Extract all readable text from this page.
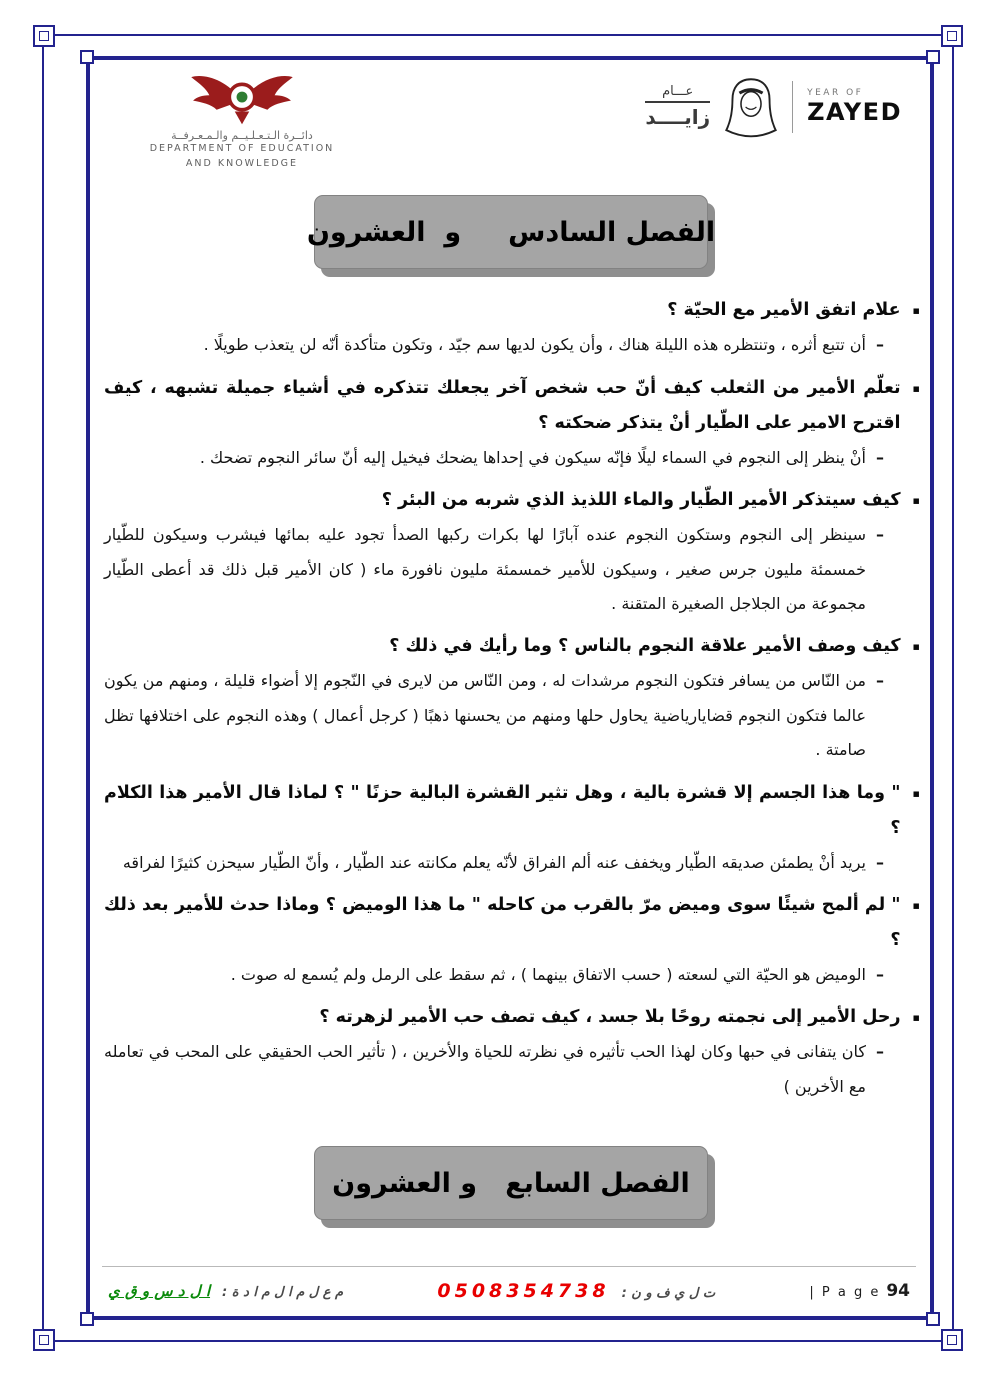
دائــرة الـتـعـلـيــم والـمـعـرفــة
DEPARTMENT OF EDUCATION
AND KNOWLEDGE
عـــام
زايــــد
YEAR OF
ZAYED
الفصل السادس     و  العشرون
▪
علام اتفق الأمير مع الحيّة ؟
–
أن تتبع أثره ، وتنتظره هذه الليلة هناك ، وأن يكون لديها سم جيّد ، وتكون متأكدة أنّه لن يتعذب طويلًا .
▪
تعلّم الأمير من الثعلب كيف أنّ حب شخص آخر يجعلك تتذكره في أشياء جميلة تشبهه ، كيف اقترح الامير على الطّيار أنْ يتذكر ضحكته ؟
–
أنْ ينظر إلى النجوم في السماء ليلًا فإنّه سيكون في إحداها يضحك فيخيل إليه أنّ سائر النجوم تضحك .
▪
كيف سيتذكر الأمير الطّيار والماء اللذيذ الذي شربه من البئر ؟
–
سينظر إلى النجوم وستكون النجوم عنده آبارًا لها بكرات ركبها الصدأ تجود عليه بمائها فيشرب وسيكون للطّيار خمسمئة مليون جرس صغير ، وسيكون للأمير خمسمئة مليون نافورة ماء ( كان الأمير قبل ذلك قد أعطى الطّيار مجموعة من الجلاجل الصغيرة المتقنة .
▪
كيف وصف الأمير علاقة النجوم بالناس ؟ وما رأيك في ذلك ؟
–
من النّاس من يسافر فتكون النجوم مرشدات له ، ومن النّاس من لايرى في النّجوم إلا أضواء قليلة ، ومنهم من يكون عالما فتكون النجوم قضايارياضية يحاول حلها ومنهم من يحسنها ذهبًا ( كرجل أعمال ) وهذه النجوم على اختلافها تظل صامتة .
▪
" وما هذا الجسم إلا قشرة بالية ، وهل تثير القشرة البالية حزنًا " ؟ لماذا قال الأمير هذا الكلام ؟
–
يريد أنْ يطمئن صديقه الطّيار ويخفف عنه ألم الفراق لأنّه يعلم مكانته عند الطّيار ، وأنّ الطّيار سيحزن كثيرًا لفراقه
▪
" لم ألمح شيئًا سوى وميض مرّ بالقرب من كاحله " ما هذا الوميض ؟ وماذا حدث للأمير بعد ذلك ؟
–
الوميض هو الحيّة التي لسعته ( حسب الاتفاق بينهما ) ، ثم سقط على الرمل ولم يُسمع له صوت .
▪
رحل الأمير إلى نجمته روحًا بلا جسد ، كيف تصف حب الأمير لزهرته ؟
–
كان يتفانى في حبها وكان لهذا الحب تأثيره في نظرته للحياة والأخرين ، ( تأثير الحب الحقيقي على المحب في تعامله مع الأخرين )
الفصل السابع   و العشرون
| P a g e 94
ت ل ي ف و ن :
0508354738
م ع ل م ا ل م ا د ة :
ا ل د س و ق ي
